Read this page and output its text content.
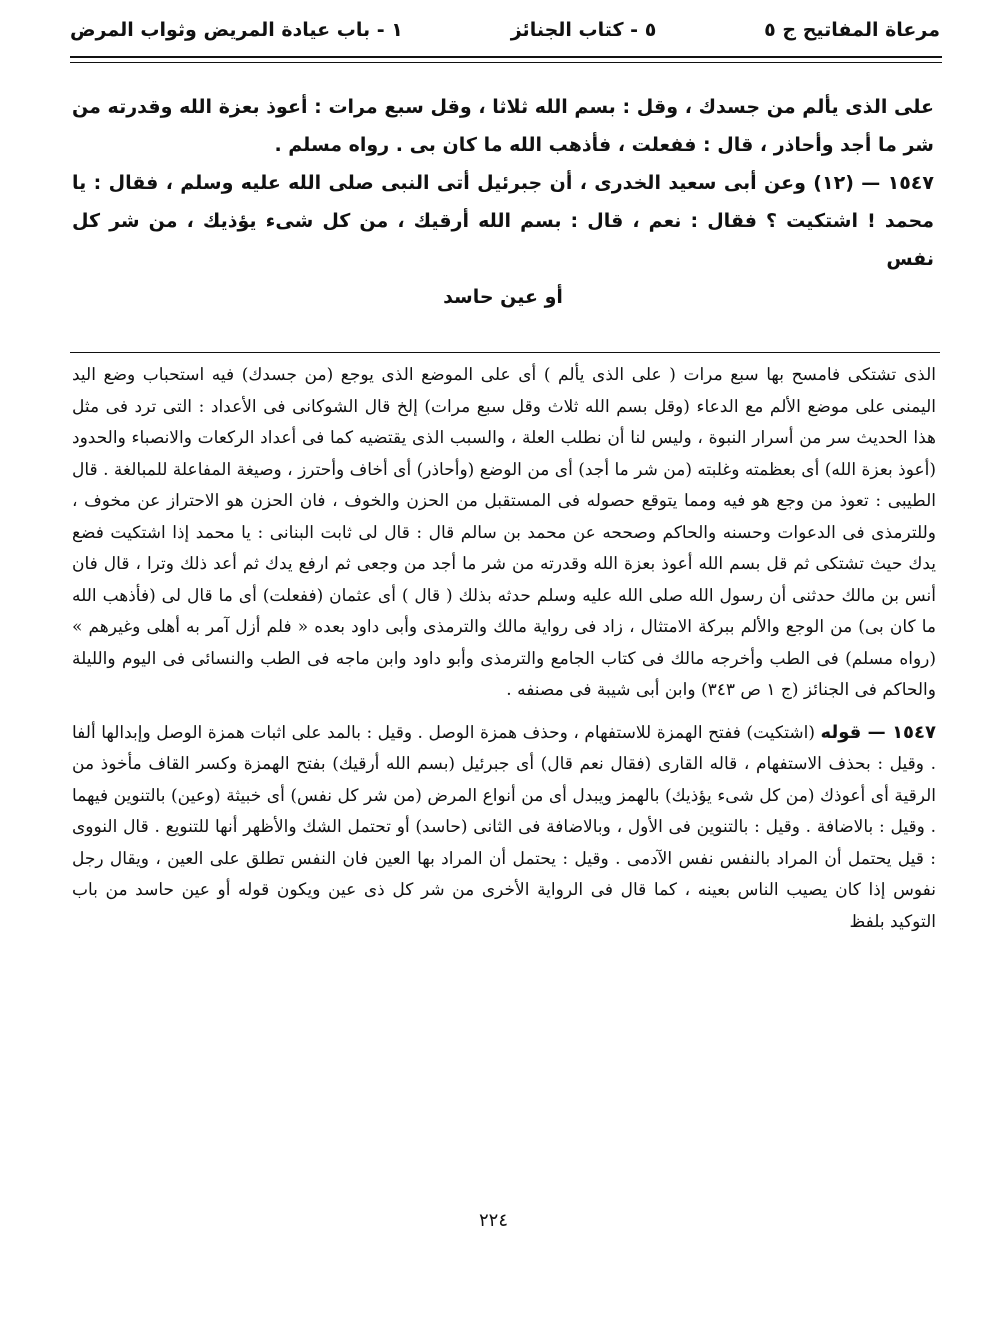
مرعاة المفاتيح ج ٥
٥ - كتاب الجنائز
١ - باب عيادة المريض وثواب المرض

على الذى يألم من جسدك ، وقل : بسم الله ثلاثا ، وقل سبع مرات : أعوذ بعزة الله وقدرته من شر ما أجد وأحاذر ، قال : ففعلت ، فأذهب الله ما كان بى . رواه مسلم .

١٥٤٧ — (١٢) وعن أبى سعيد الخدرى ، أن جبرئيل أتى النبى صلى الله عليه وسلم ، فقال : يا محمد ! اشتكيت ؟ فقال : نعم ، قال : بسم الله أرقيك ، من كل شىء يؤذيك ، من شر كل نفس

أو عين حاسد

الذى تشتكى فامسح بها سبع مرات ( على الذى يألم ) أى على الموضع الذى يوجع (من جسدك) فيه استحباب وضع اليد اليمنى على موضع الألم مع الدعاء (وقل بسم الله ثلاث وقل سبع مرات) إلخ قال الشوكانى فى الأعداد : التى ترد فى مثل هذا الحديث سر من أسرار النبوة ، وليس لنا أن نطلب العلة ، والسبب الذى يقتضيه كما فى أعداد الركعات والانصباء والحدود (أعوذ بعزة الله) أى بعظمته وغلبته (من شر ما أجد) أى من الوضع (وأحاذر) أى أخاف وأحترز ، وصيغة المفاعلة للمبالغة . قال الطيبى : تعوذ من وجع هو فيه ومما يتوقع حصوله فى المستقبل من الحزن والخوف ، فان الحزن هو الاحتراز عن مخوف ، وللترمذى فى الدعوات وحسنه والحاكم وصححه عن محمد بن سالم قال : قال لى ثابت البنانى : يا محمد إذا اشتكيت فضع يدك حيث تشتكى ثم قل بسم الله أعوذ بعزة الله وقدرته من شر ما أجد من وجعى ثم ارفع يدك ثم أعد ذلك وترا ، قال فان أنس بن مالك حدثنى أن رسول الله صلى الله عليه وسلم حدثه بذلك ( قال ) أى عثمان (ففعلت) أى ما قال لى (فأذهب الله ما كان بى) من الوجع والألم ببركة الامتثال ، زاد فى رواية مالك والترمذى وأبى داود بعده « فلم أزل آمر به أهلى وغيرهم » (رواه مسلم) فى الطب وأخرجه مالك فى كتاب الجامع والترمذى وأبو داود وابن ماجه فى الطب والنسائى فى اليوم والليلة والحاكم فى الجنائز (ج ١ ص ٣٤٣) وابن أبى شيبة فى مصنفه .

١٥٤٧ — قوله (اشتكيت) ففتح الهمزة للاستفهام ، وحذف همزة الوصل . وقيل : بالمد على اثبات همزة الوصل وإبدالها ألفا . وقيل : بحذف الاستفهام ، قاله القارى (فقال نعم قال) أى جبرئيل (بسم الله أرقيك) بفتح الهمزة وكسر القاف مأخوذ من الرقية أى أعوذك (من كل شىء يؤذيك) بالهمز ويبدل أى من أنواع المرض (من شر كل نفس) أى خبيثة (وعين) بالتنوين فيهما . وقيل : بالاضافة . وقيل : بالتنوين فى الأول ، وبالاضافة فى الثانى (حاسد) أو تحتمل الشك والأظهر أنها للتنويع . قال النووى : قيل يحتمل أن المراد بالنفس نفس الآدمى . وقيل : يحتمل أن المراد بها العين فان النفس تطلق على العين ، ويقال رجل نفوس إذا كان يصيب الناس بعينه ، كما قال فى الرواية الأخرى من شر كل ذى عين ويكون قوله أو عين حاسد من باب التوكيد بلفظ

٢٢٤
